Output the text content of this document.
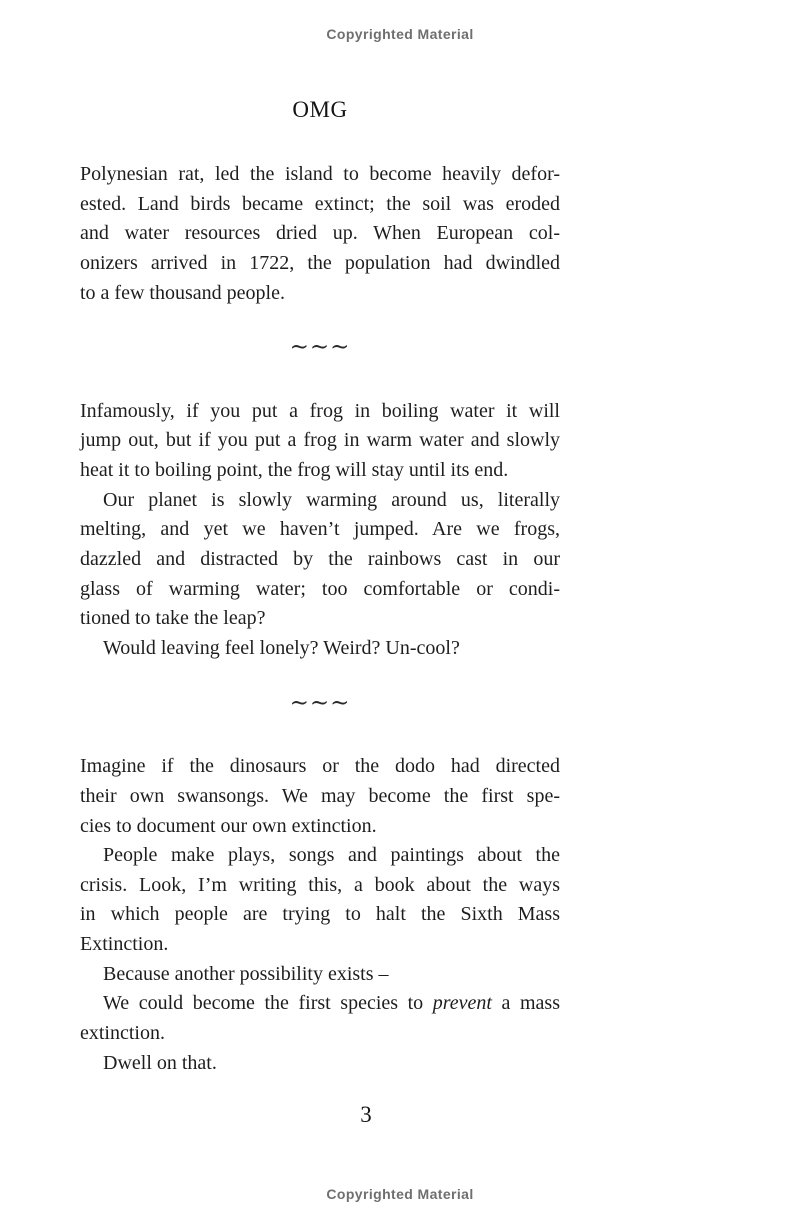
Copyrighted Material
OMG
Polynesian rat, led the island to become heavily defor-
ested. Land birds became extinct; the soil was eroded
and water resources dried up. When European col-
onizers arrived in 1722, the population had dwindled
to a few thousand people.
∼∼∼
Infamously, if you put a frog in boiling water it will
jump out, but if you put a frog in warm water and slowly
heat it to boiling point, the frog will stay until its end.
Our planet is slowly warming around us, literally
melting, and yet we haven’t jumped. Are we frogs,
dazzled and distracted by the rainbows cast in our
glass of warming water; too comfortable or condi-
tioned to take the leap?
Would leaving feel lonely? Weird? Un-cool?
∼∼∼
Imagine if the dinosaurs or the dodo had directed
their own swansongs. We may become the first spe-
cies to document our own extinction.
People make plays, songs and paintings about the
crisis. Look, I’m writing this, a book about the ways
in which people are trying to halt the Sixth Mass
Extinction.
Because another possibility exists –
We could become the first species to prevent a mass
extinction.
Dwell on that.
3
Copyrighted Material
